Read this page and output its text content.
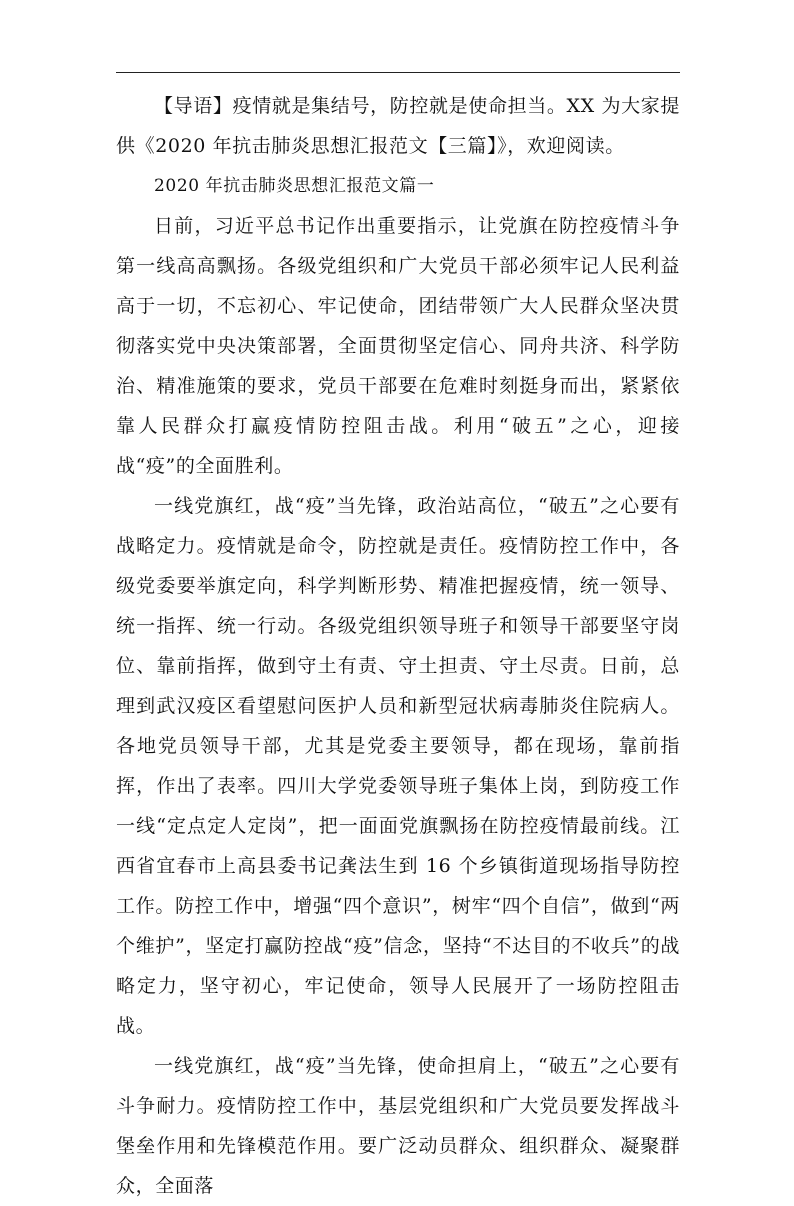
【导语】疫情就是集结号，防控就是使命担当。XX 为大家提供《2020 年抗击肺炎思想汇报范文【三篇】》，欢迎阅读。

2020 年抗击肺炎思想汇报范文篇一

日前，习近平总书记作出重要指示，让党旗在防控疫情斗争第一线高高飘扬。各级党组织和广大党员干部必须牢记人民利益高于一切，不忘初心、牢记使命，团结带领广大人民群众坚决贯彻落实党中央决策部署，全面贯彻坚定信心、同舟共济、科学防治、精准施策的要求，党员干部要在危难时刻挺身而出，紧紧依靠人民群众打赢疫情防控阻击战。利用“破五”之心，迎接战“疫”的全面胜利。

一线党旗红，战“疫”当先锋，政治站高位，“破五”之心要有战略定力。疫情就是命令，防控就是责任。疫情防控工作中，各级党委要举旗定向，科学判断形势、精准把握疫情，统一领导、统一指挥、统一行动。各级党组织领导班子和领导干部要坚守岗位、靠前指挥，做到守土有责、守土担责、守土尽责。日前，总理到武汉疫区看望慰问医护人员和新型冠状病毒肺炎住院病人。各地党员领导干部，尤其是党委主要领导，都在现场，靠前指挥，作出了表率。四川大学党委领导班子集体上岗，到防疫工作一线“定点定人定岗”，把一面面党旗飘扬在防控疫情最前线。江西省宜春市上高县委书记龚法生到 16 个乡镇街道现场指导防控工作。防控工作中，增强“四个意识”，树牢“四个自信”，做到“两个维护”，坚定打赢防控战“疫”信念，坚持“不达目的不收兵”的战略定力，坚守初心，牢记使命，领导人民展开了一场防控阻击战。

一线党旗红，战“疫”当先锋，使命担肩上，“破五”之心要有斗争耐力。疫情防控工作中，基层党组织和广大党员要发挥战斗堡垒作用和先锋模范作用。要广泛动员群众、组织群众、凝聚群众，全面落
